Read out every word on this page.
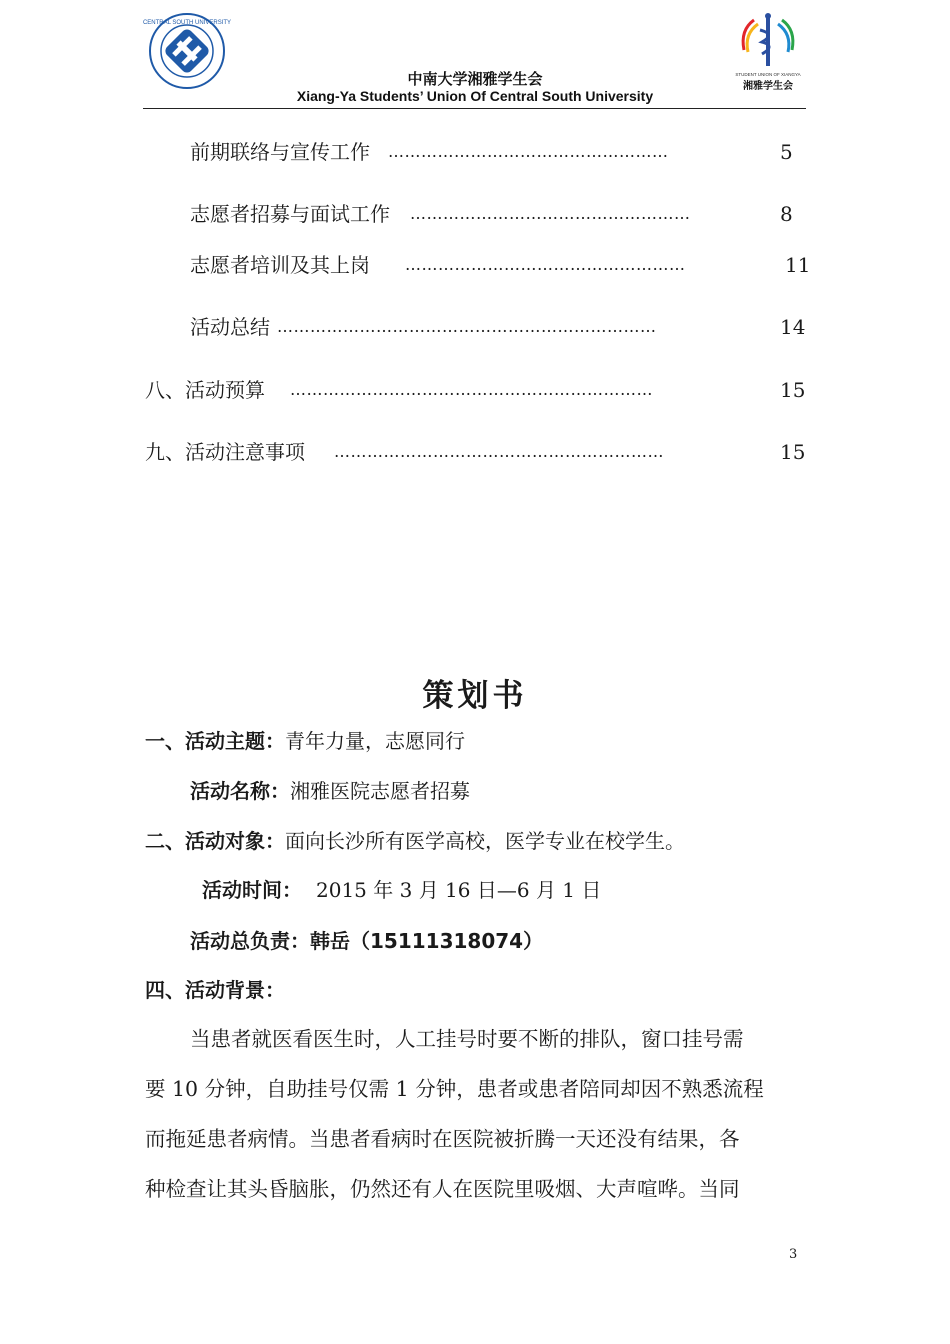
CENTRAL SOUTH UNIVERSITY
STUDENT UNION OF XIANGYA
湘雅学生会
中南大学湘雅学生会
Xiang-Ya Students’ Union Of Central South University
前期联络与宣传工作 ……………………………………………	5
志愿者招募与面试工作 ……………………………………………	8
志愿者培训及其上岗 ……………………………………………	11
活动总结 ……………………………………………………………	14
八、活动预算 …………………………………………………………	15
九、活动注意事项 ……………………………………………………	15
策划书
一、活动主题：青年力量，志愿同行
活动名称：湘雅医院志愿者招募
二、活动对象：面向长沙所有医学高校，医学专业在校学生。
活动时间： 2015 年 3 月 16 日—6 月 1 日
活动总负责：韩岳（15111318074）
四、活动背景：
当患者就医看医生时，人工挂号时要不断的排队，窗口挂号需
要 10 分钟，自助挂号仅需 1 分钟，患者或患者陪同却因不熟悉流程
而拖延患者病情。当患者看病时在医院被折腾一天还没有结果，各
种检查让其头昏脑胀，仍然还有人在医院里吸烟、大声喧哗。当同
3
